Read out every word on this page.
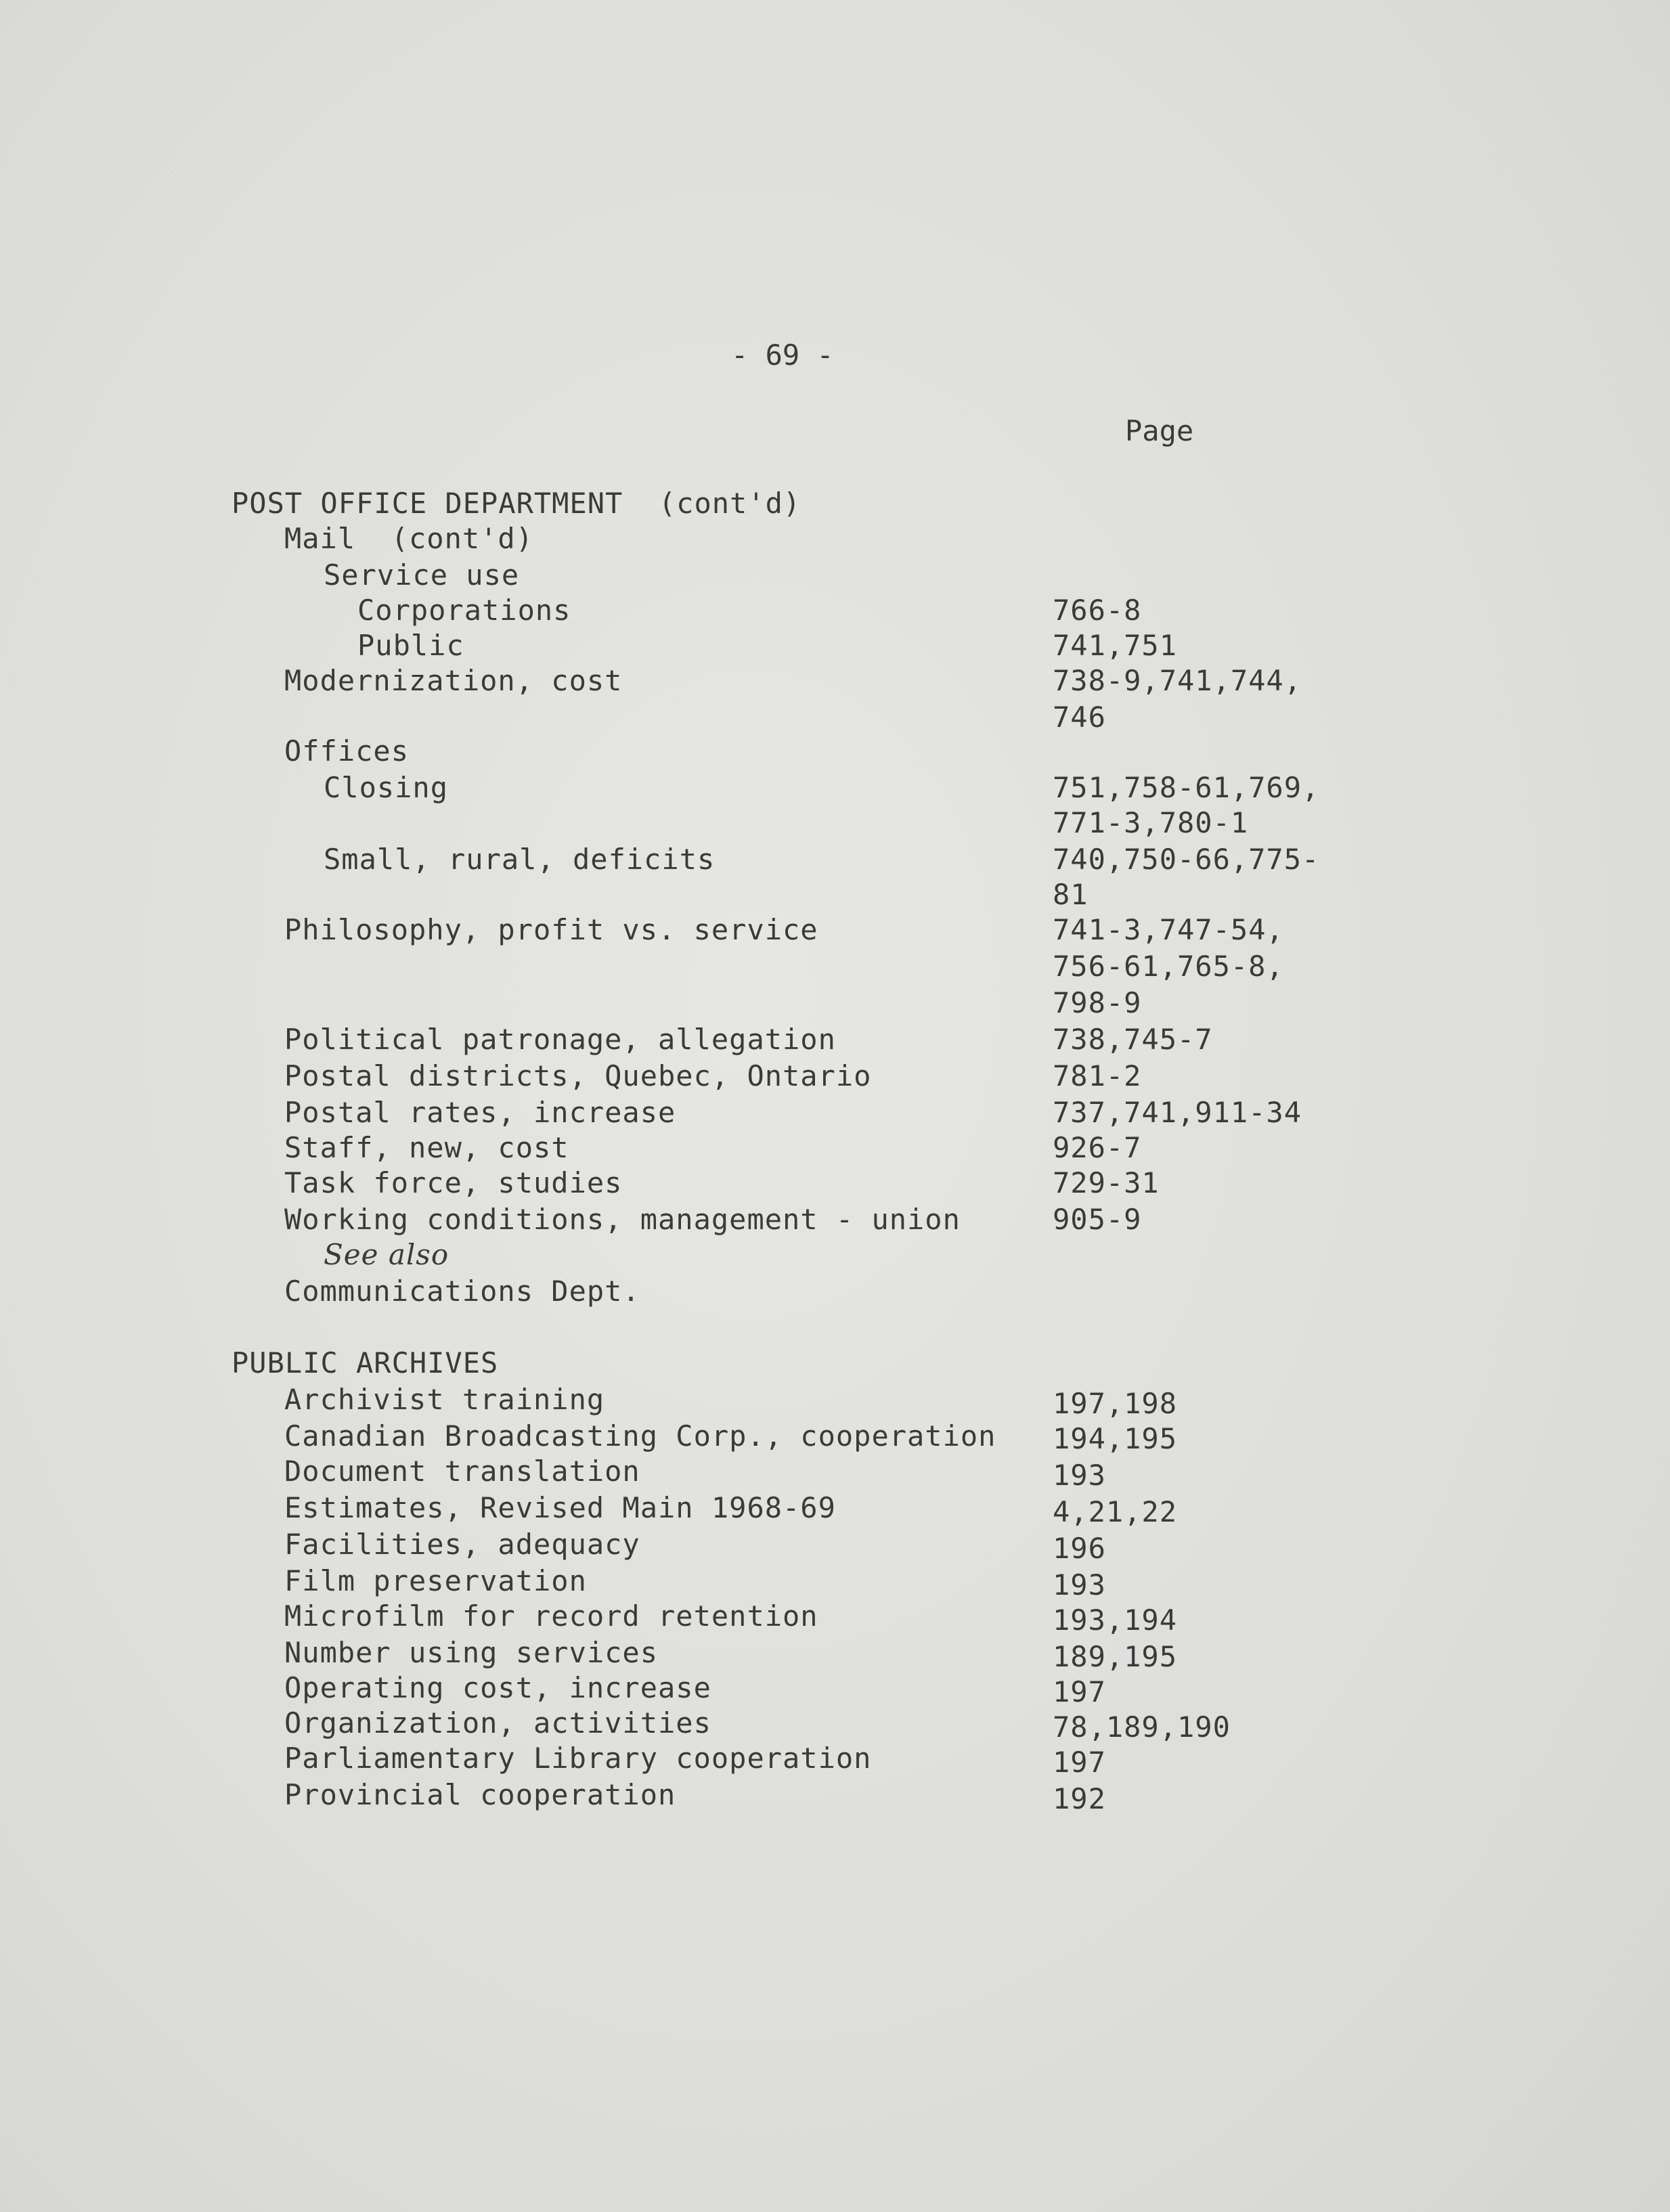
- 69 -
Page
POST OFFICE DEPARTMENT  (cont'd)
Mail  (cont'd)
Service use
Corporations	766-8
Public	741,751
Modernization, cost	738-9,741,744,
746
Offices
Closing	751,758-61,769,
771-3,780-1
Small, rural, deficits	740,750-66,775-
81
Philosophy, profit vs. service	741-3,747-54,
756-61,765-8,
798-9
Political patronage, allegation	738,745-7
Postal districts, Quebec, Ontario	781-2
Postal rates, increase	737,741,911-34
Staff, new, cost	926-7
Task force, studies	729-31
Working conditions, management - union	905-9
See also
Communications Dept.
PUBLIC ARCHIVES
Archivist training	197,198
Canadian Broadcasting Corp., cooperation 194,195
Document translation	193
Estimates, Revised Main 1968-69	4,21,22
Facilities, adequacy	196
Film preservation	193
Microfilm for record retention	193,194
Number using services	189,195
Operating cost, increase	197
Organization, activities	78,189,190
Parliamentary Library cooperation	197
Provincial cooperation	192
